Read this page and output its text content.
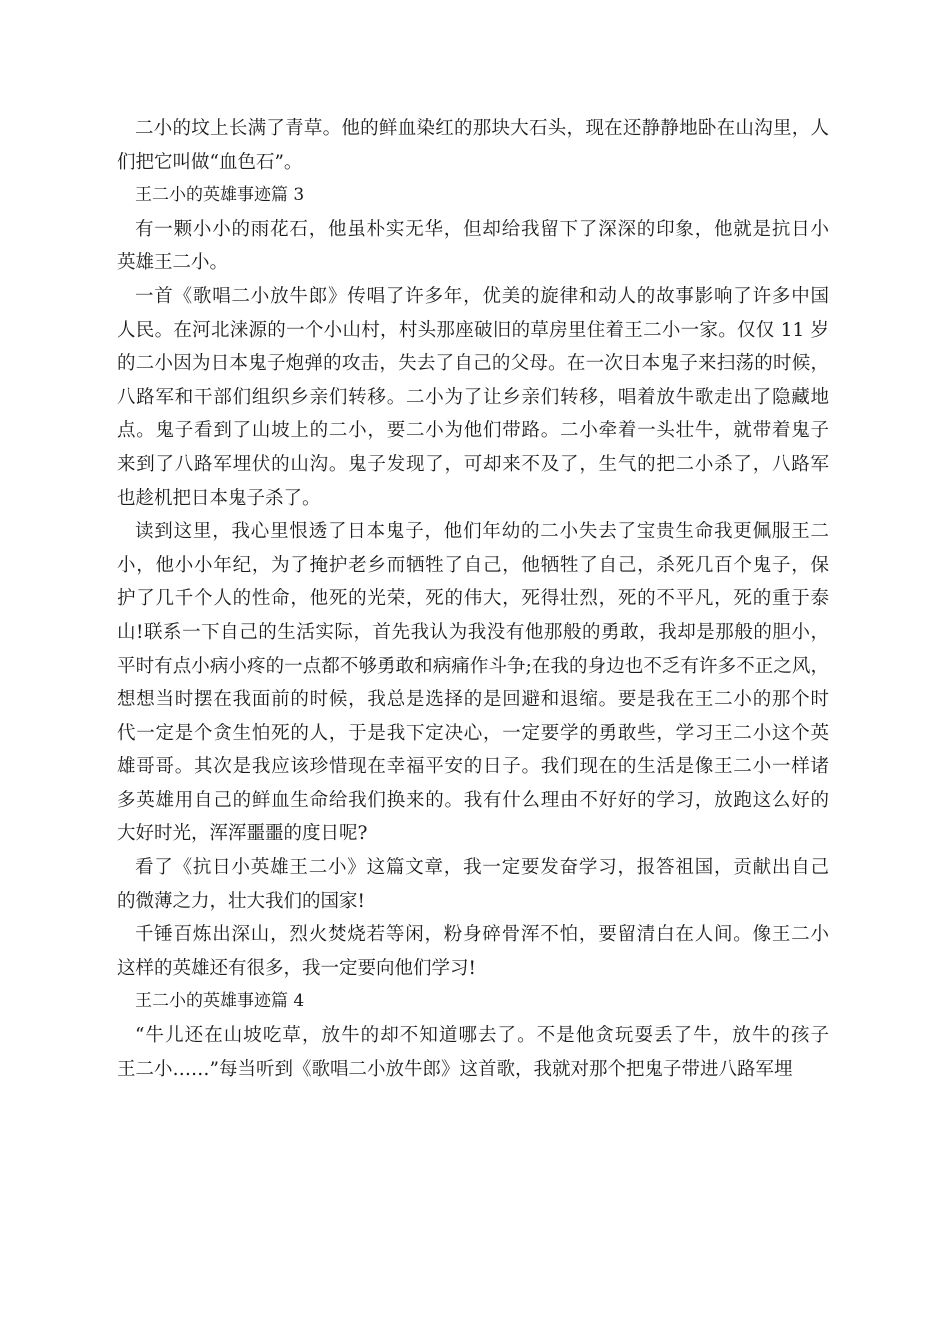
二小的坟上长满了青草。他的鲜血染红的那块大石头，现在还静静地卧在山沟里，人
们把它叫做“血色石”。
王二小的英雄事迹篇 3
有一颗小小的雨花石，他虽朴实无华，但却给我留下了深深的印象，他就是抗日小
英雄王二小。
一首《歌唱二小放牛郎》传唱了许多年，优美的旋律和动人的故事影响了许多中国
人民。在河北涞源的一个小山村，村头那座破旧的草房里住着王二小一家。仅仅 11 岁
的二小因为日本鬼子炮弹的攻击，失去了自己的父母。在一次日本鬼子来扫荡的时候，
八路军和干部们组织乡亲们转移。二小为了让乡亲们转移，唱着放牛歌走出了隐藏地
点。鬼子看到了山坡上的二小，要二小为他们带路。二小牵着一头壮牛，就带着鬼子
来到了八路军埋伏的山沟。鬼子发现了，可却来不及了，生气的把二小杀了，八路军
也趁机把日本鬼子杀了。
读到这里，我心里恨透了日本鬼子，他们年幼的二小失去了宝贵生命我更佩服王二
小，他小小年纪，为了掩护老乡而牺牲了自己，他牺牲了自己，杀死几百个鬼子，保
护了几千个人的性命，他死的光荣，死的伟大，死得壮烈，死的不平凡，死的重于泰
山!联系一下自己的生活实际，首先我认为我没有他那般的勇敢，我却是那般的胆小，
平时有点小病小疼的一点都不够勇敢和病痛作斗争;在我的身边也不乏有许多不正之风，
想想当时摆在我面前的时候，我总是选择的是回避和退缩。要是我在王二小的那个时
代一定是个贪生怕死的人，于是我下定决心，一定要学的勇敢些，学习王二小这个英
雄哥哥。其次是我应该珍惜现在幸福平安的日子。我们现在的生活是像王二小一样诸
多英雄用自己的鲜血生命给我们换来的。我有什么理由不好好的学习，放跑这么好的
大好时光，浑浑噩噩的度日呢?
看了《抗日小英雄王二小》这篇文章，我一定要发奋学习，报答祖国，贡献出自己
的微薄之力，壮大我们的国家!
千锤百炼出深山，烈火焚烧若等闲，粉身碎骨浑不怕，要留清白在人间。像王二小
这样的英雄还有很多，我一定要向他们学习!
王二小的英雄事迹篇 4
“牛儿还在山坡吃草，放牛的却不知道哪去了。不是他贪玩耍丢了牛，放牛的孩子
王二小……”每当听到《歌唱二小放牛郎》这首歌，我就对那个把鬼子带进八路军埋
